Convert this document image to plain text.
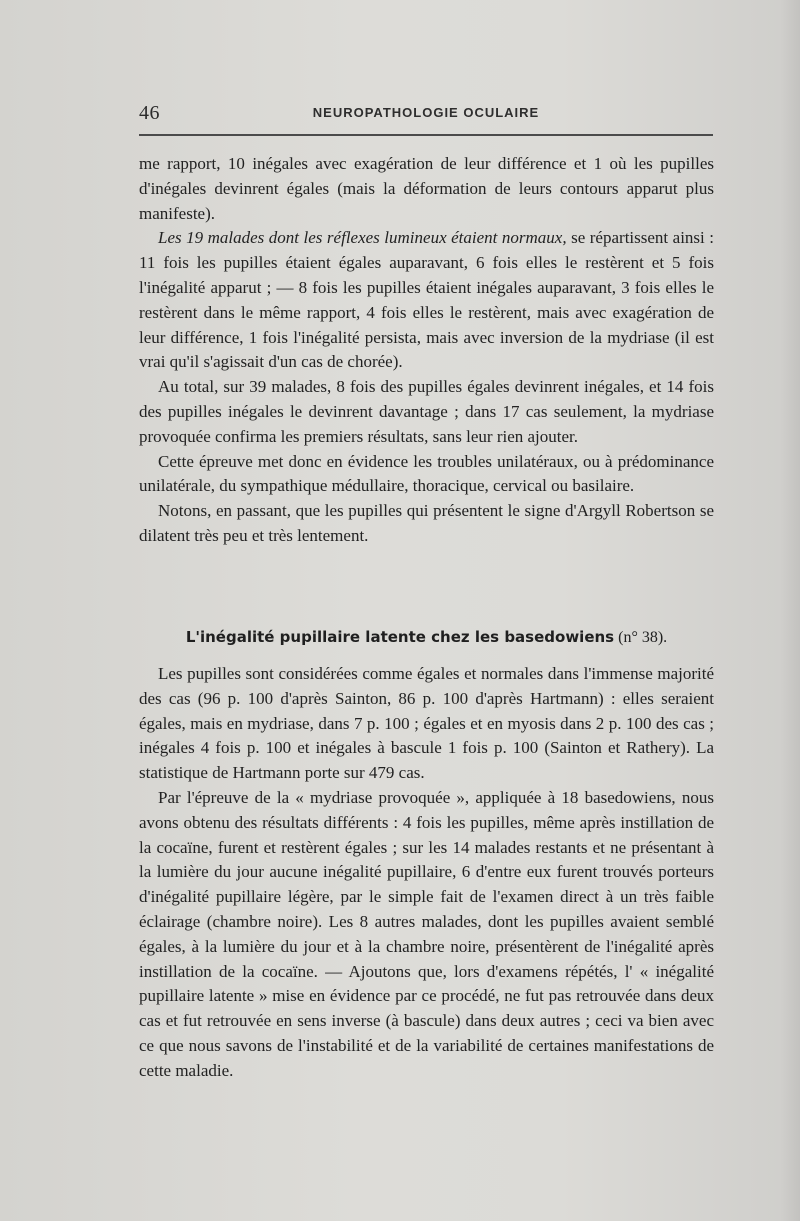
46	NEUROPATHOLOGIE OCULAIRE

me rapport, 10 inégales avec exagération de leur différence et 1 où les pupilles d'inégales devinrent égales (mais la déformation de leurs contours apparut plus manifeste).

Les 19 malades dont les réflexes lumineux étaient normaux, se répartissent ainsi : 11 fois les pupilles étaient égales auparavant, 6 fois elles le restèrent et 5 fois l'inégalité apparut ; — 8 fois les pupilles étaient inégales auparavant, 3 fois elles le restèrent dans le même rapport, 4 fois elles le restèrent, mais avec exagération de leur différence, 1 fois l'inégalité persista, mais avec inversion de la mydriase (il est vrai qu'il s'agissait d'un cas de chorée).

Au total, sur 39 malades, 8 fois des pupilles égales devinrent inégales, et 14 fois des pupilles inégales le devinrent davantage ; dans 17 cas seulement, la mydriase provoquée confirma les premiers résultats, sans leur rien ajouter.

Cette épreuve met donc en évidence les troubles unilatéraux, ou à prédominance unilatérale, du sympathique médullaire, thoracique, cervical ou basilaire.

Notons, en passant, que les pupilles qui présentent le signe d'Argyll Robertson se dilatent très peu et très lentement.

L'inégalité pupillaire latente chez les basedowiens (n° 38).

Les pupilles sont considérées comme égales et normales dans l'immense majorité des cas (96 p. 100 d'après Sainton, 86 p. 100 d'après Hartmann) : elles seraient égales, mais en mydriase, dans 7 p. 100 ; égales et en myosis dans 2 p. 100 des cas ; inégales 4 fois p. 100 et inégales à bascule 1 fois p. 100 (Sainton et Rathery). La statistique de Hartmann porte sur 479 cas.

Par l'épreuve de la « mydriase provoquée », appliquée à 18 basedowiens, nous avons obtenu des résultats différents : 4 fois les pupilles, même après instillation de la cocaïne, furent et restèrent égales ; sur les 14 malades restants et ne présentant à la lumière du jour aucune inégalité pupillaire, 6 d'entre eux furent trouvés porteurs d'inégalité pupillaire légère, par le simple fait de l'examen direct à un très faible éclairage (chambre noire). Les 8 autres malades, dont les pupilles avaient semblé égales, à la lumière du jour et à la chambre noire, présentèrent de l'inégalité après instillation de la cocaïne. — Ajoutons que, lors d'examens répétés, l' « inégalité pupillaire latente » mise en évidence par ce procédé, ne fut pas retrouvée dans deux cas et fut retrouvée en sens inverse (à bascule) dans deux autres ; ceci va bien avec ce que nous savons de l'instabilité et de la variabilité de certaines manifestations de cette maladie.
